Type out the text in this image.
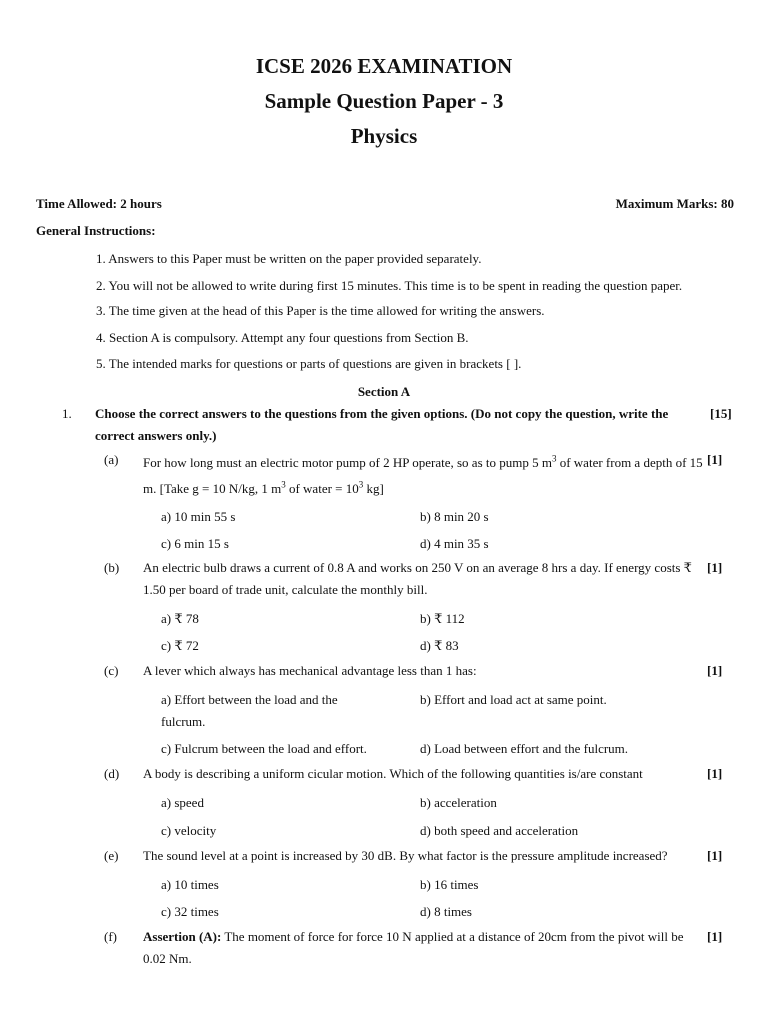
ICSE 2026 EXAMINATION
Sample Question Paper - 3
Physics
Time Allowed: 2 hours	Maximum Marks: 80
General Instructions:
1. Answers to this Paper must be written on the paper provided separately.
2. You will not be allowed to write during first 15 minutes. This time is to be spent in reading the question paper.
3. The time given at the head of this Paper is the time allowed for writing the answers.
4. Section A is compulsory. Attempt any four questions from Section B.
5. The intended marks for questions or parts of questions are given in brackets [ ].
Section A
1. Choose the correct answers to the questions from the given options. (Do not copy the question, write the correct answers only.)
[15]
(a) For how long must an electric motor pump of 2 HP operate, so as to pump 5 $m^3$ of water from a depth of 15 m. [Take g = 10 N/kg, 1 $m^3$ of water = $10^3$ kg]
[1]
a) 10 min 55 s	b) 8 min 20 s
c) 6 min 15 s	d) 4 min 35 s
(b) An electric bulb draws a current of 0.8 A and works on 250 V on an average 8 hrs a day. If energy costs ₹ 1.50 per board of trade unit, calculate the monthly bill.
[1]
a) ₹ 78	b) ₹ 112
c) ₹ 72	d) ₹ 83
(c) A lever which always has mechanical advantage less than 1 has:	[1]
a) Effort between the load and the fulcrum.
b) Effort and load act at same point.
c) Fulcrum between the load and effort.	d) Load between effort and the fulcrum.
(d) A body is describing a uniform cicular motion. Which of the following quantities is/are constant	[1]
a) speed	b) acceleration
c) velocity	d) both speed and acceleration
(e) The sound level at a point is increased by 30 dB. By what factor is the pressure amplitude increased?	[1]
a) 10 times	b) 16 times
c) 32 times	d) 8 times
(f) Assertion (A): The moment of force for force 10 N applied at a distance of 20cm from the pivot will be 0.02 Nm.
[1]
